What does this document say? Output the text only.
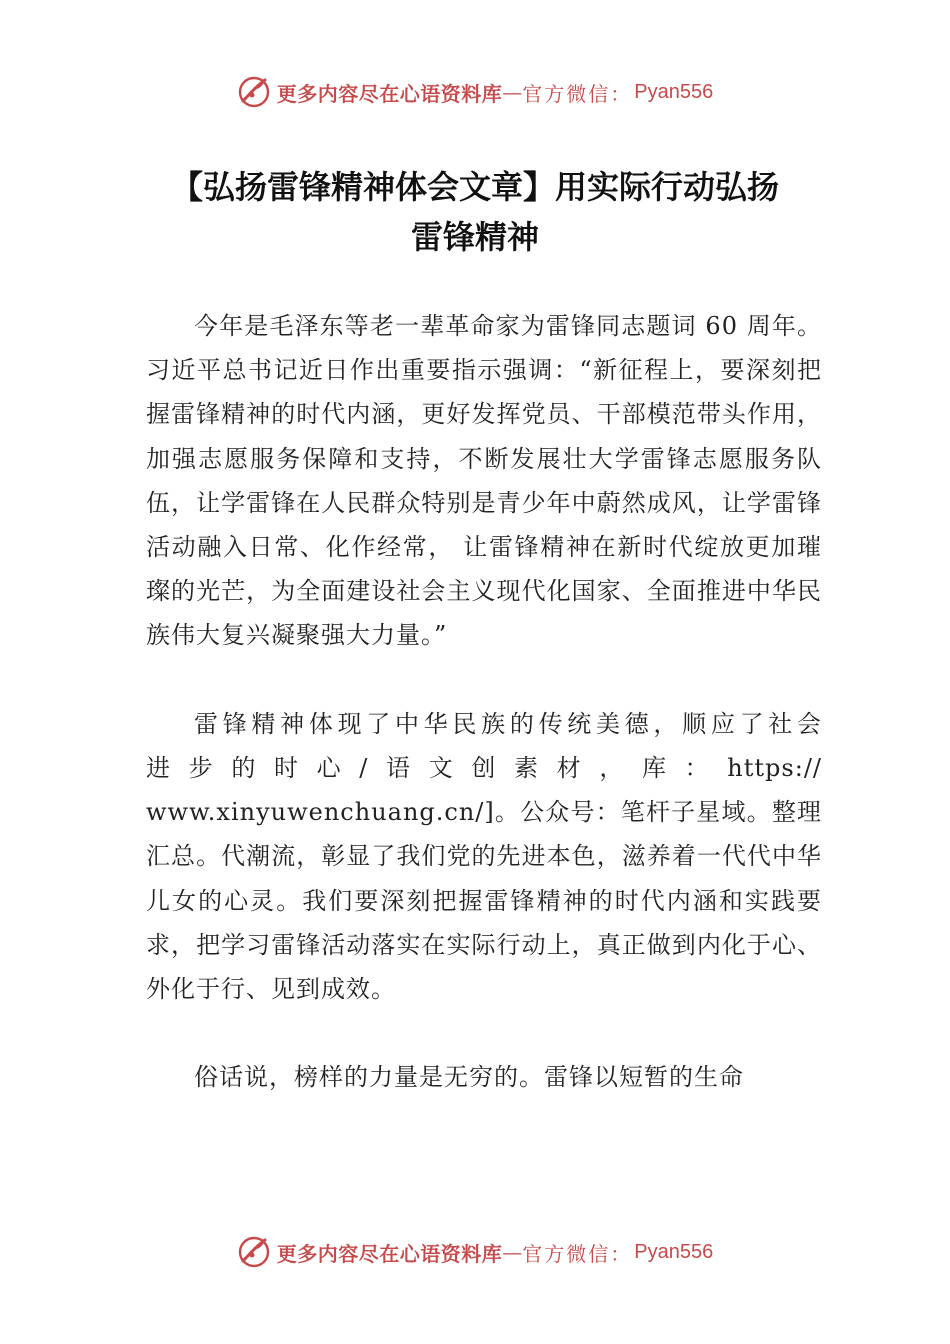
更多内容尽在心语资料库 — 官方微信： Pyan556
【弘扬雷锋精神体会文章】用实际行动弘扬
雷锋精神

今年是毛泽东等老一辈革命家为雷锋同志题词 60 周年。习近平总书记近日作出重要指示强调：“新征程上，要深刻把握雷锋精神的时代内涵，更好发挥党员、干部模范带头作用，加强志愿服务保障和支持，不断发展壮大学雷锋志愿服务队伍，让学雷锋在人民群众特别是青少年中蔚然成风，让学雷锋活动融入日常、化作经常， 让雷锋精神在新时代绽放更加璀璨的光芒，为全面建设社会主义现代化国家、全面推进中华民族伟大复兴凝聚强大力量。”

雷锋精神体现了中华民族的传统美德，顺应了社会
进步的时心/语文创素材，库：https://
www.xinyuwenchuang.cn/]。公众号：笔杆子星域。整理汇总。代潮流，彰显了我们党的先进本色，滋养着一代代中华儿女的心灵。我们要深刻把握雷锋精神的时代内涵和实践要求，把学习雷锋活动落实在实际行动上，真正做到内化于心、外化于行、见到成效。

俗话说，榜样的力量是无穷的。雷锋以短暂的生命

更多内容尽在心语资料库 — 官方微信： Pyan556
